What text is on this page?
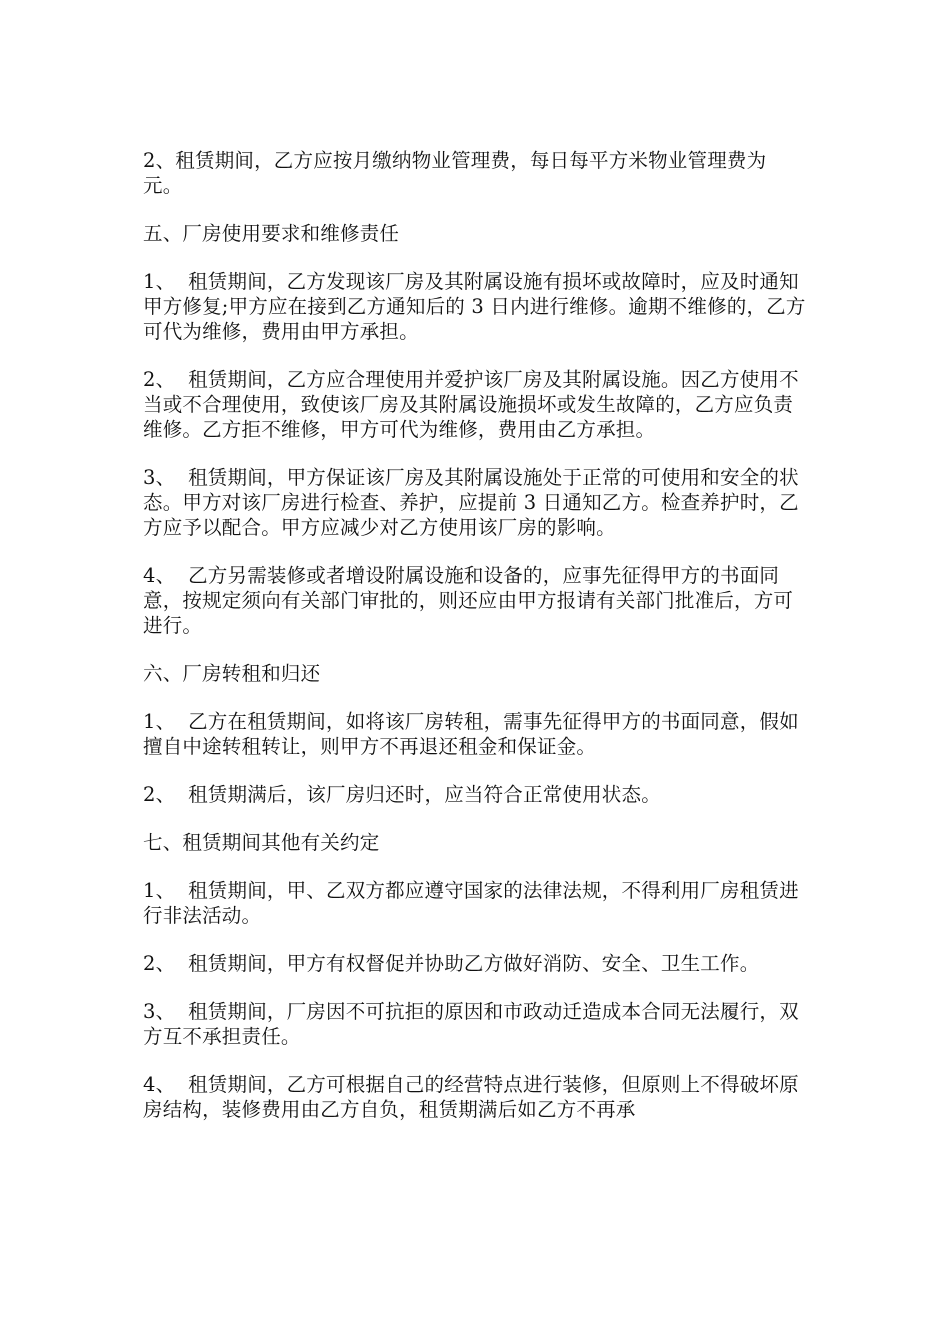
2、租赁期间，乙方应按月缴纳物业管理费，每日每平方米物业管理费为 元。

五、厂房使用要求和维修责任

1、  租赁期间，乙方发现该厂房及其附属设施有损坏或故障时，应及时通知甲方修复;甲方应在接到乙方通知后的 3 日内进行维修。逾期不维修的，乙方可代为维修，费用由甲方承担。

2、  租赁期间，乙方应合理使用并爱护该厂房及其附属设施。因乙方使用不当或不合理使用，致使该厂房及其附属设施损坏或发生故障的，乙方应负责维修。乙方拒不维修，甲方可代为维修，费用由乙方承担。

3、  租赁期间，甲方保证该厂房及其附属设施处于正常的可使用和安全的状态。甲方对该厂房进行检查、养护，应提前 3 日通知乙方。检查养护时，乙方应予以配合。甲方应减少对乙方使用该厂房的影响。

4、  乙方另需装修或者增设附属设施和设备的，应事先征得甲方的书面同意，按规定须向有关部门审批的，则还应由甲方报请有关部门批准后，方可进行。

六、厂房转租和归还

1、  乙方在租赁期间，如将该厂房转租，需事先征得甲方的书面同意，假如擅自中途转租转让，则甲方不再退还租金和保证金。

2、  租赁期满后，该厂房归还时，应当符合正常使用状态。

七、租赁期间其他有关约定

1、  租赁期间，甲、乙双方都应遵守国家的法律法规，不得利用厂房租赁进行非法活动。

2、  租赁期间，甲方有权督促并协助乙方做好消防、安全、卫生工作。

3、  租赁期间，厂房因不可抗拒的原因和市政动迁造成本合同无法履行，双方互不承担责任。

4、  租赁期间，乙方可根据自己的经营特点进行装修，但原则上不得破坏原房结构，装修费用由乙方自负，租赁期满后如乙方不再承
